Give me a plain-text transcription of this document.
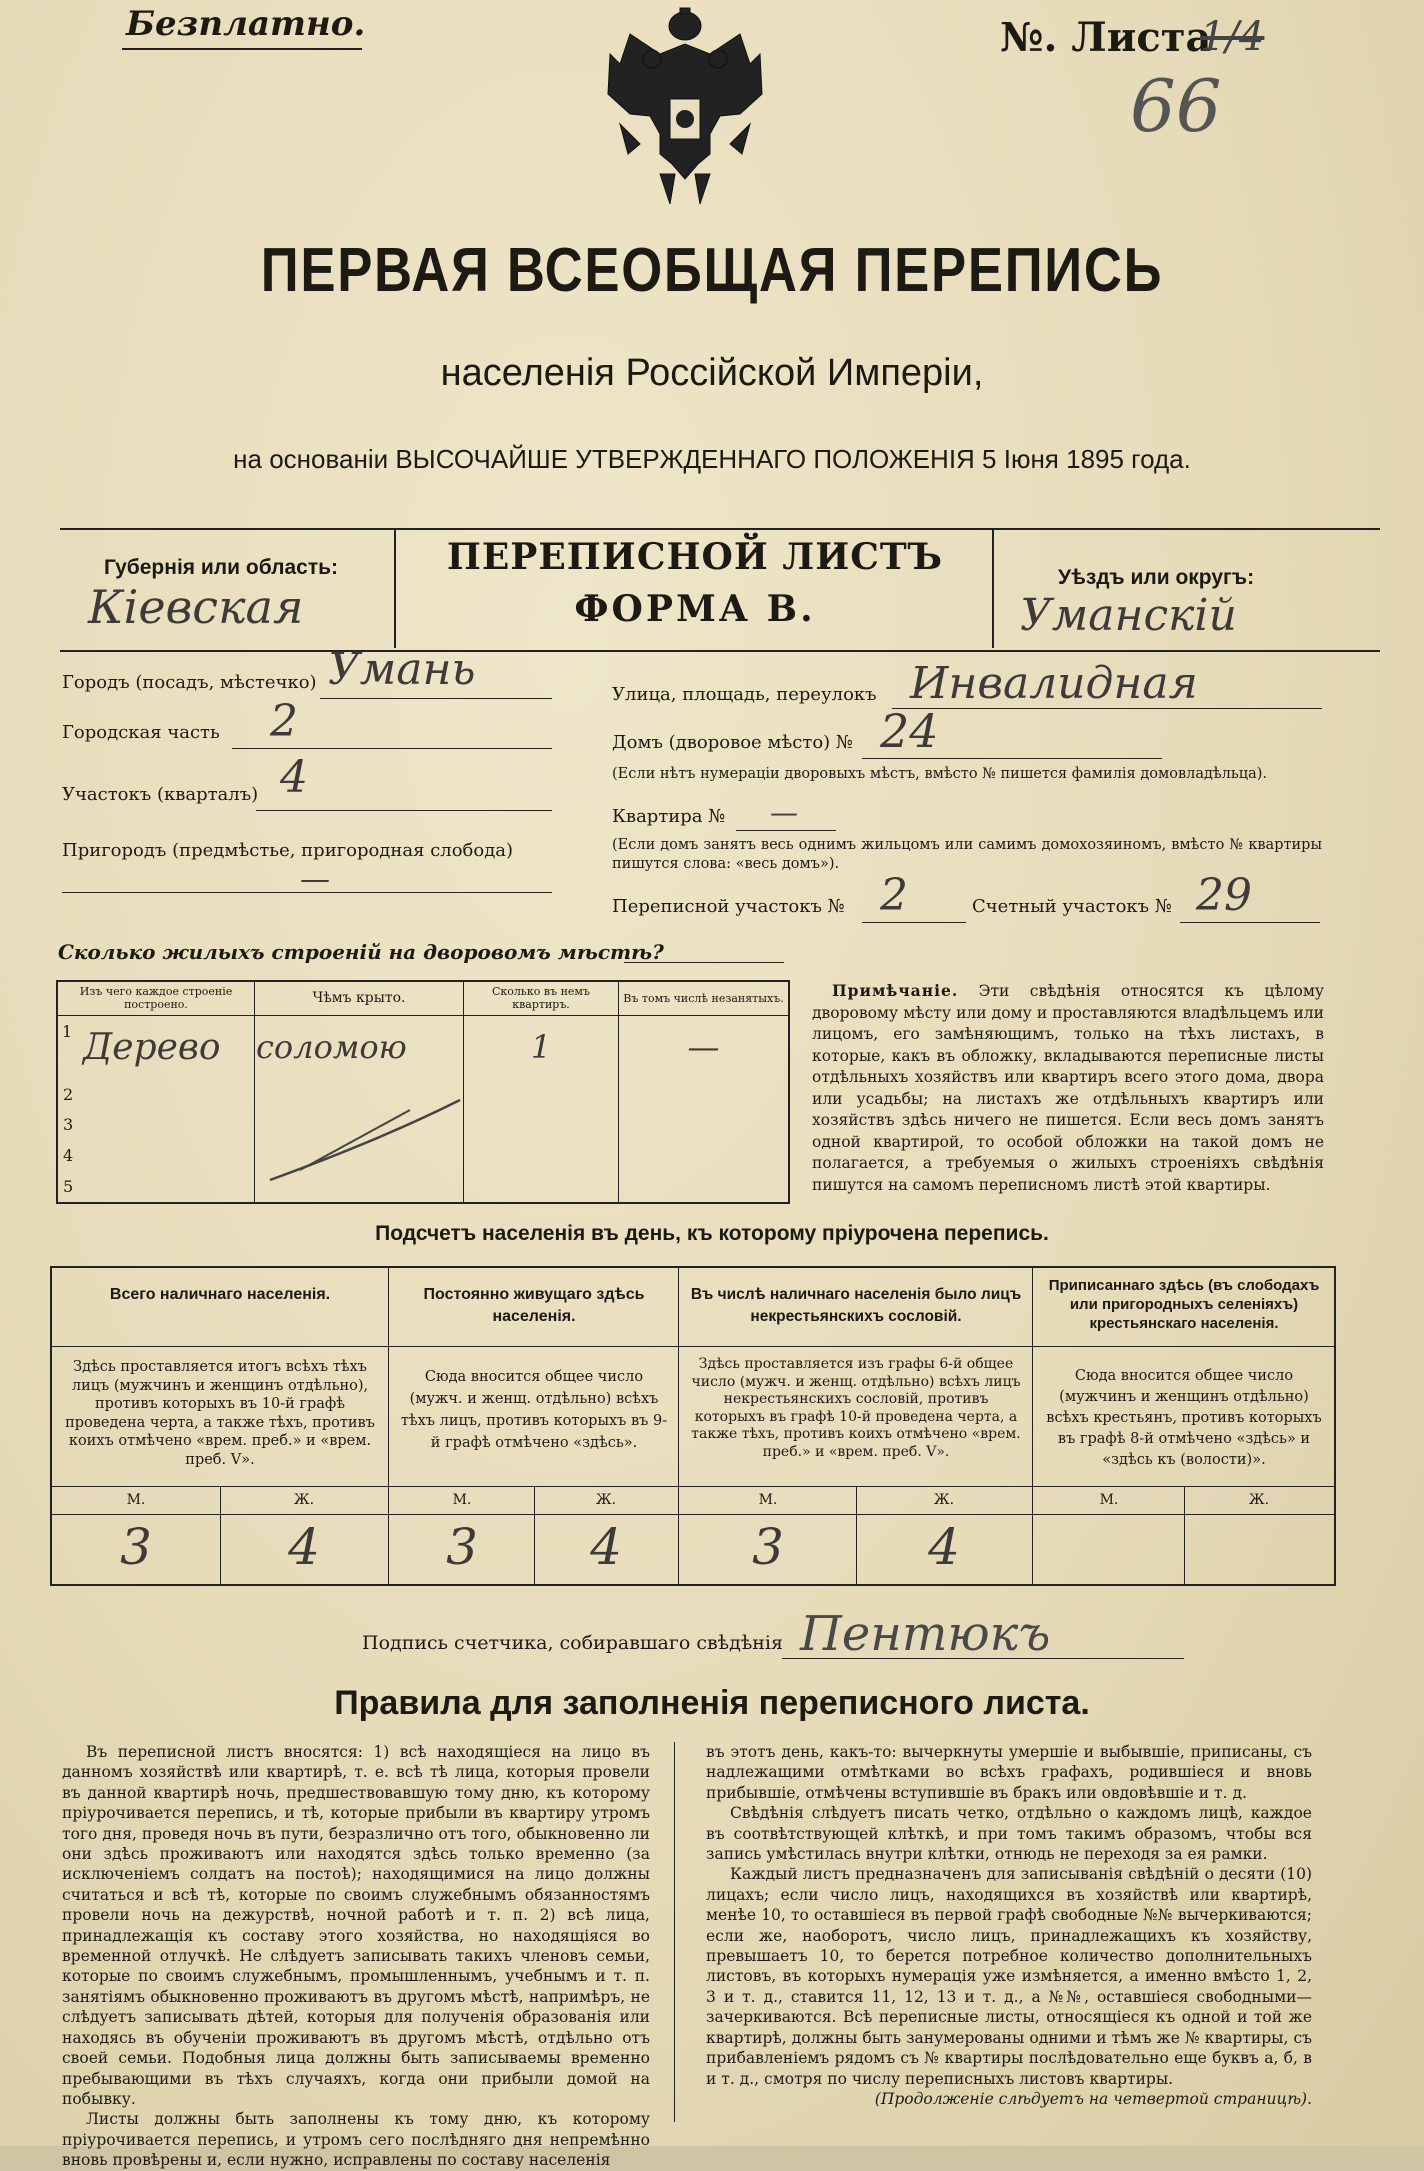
Безплатно.	№. Листа
1/4
66
ПЕРВАЯ ВСЕОБЩАЯ ПЕРЕПИСЬ
населенія Россійской Имперіи,
на основаніи ВЫСОЧАЙШЕ УТВЕРЖДЕННАГО ПОЛОЖЕНІЯ 5 Іюня 1895 года.
Губернія или область:
Кіевская
ПЕРЕПИСНОЙ ЛИСТЪ
ФОРМА В.
Уѣздъ или округъ:
Уманскій
Городъ (посадъ, мѣстечко) Умань
Городская часть 2
Участокъ (кварталъ) 4
Пригородъ (предмѣстье, пригородная слобода)
—
Улица, площадь, переулокъ Инвалидная
Домъ (дворовое мѣсто) № 24
(Если нѣтъ нумераціи дворовыхъ мѣстъ, вмѣсто № пишется фамилія домовладѣльца).
Квартира № —
(Если домъ занятъ весь однимъ жильцомъ или самимъ домохозяиномъ, вмѣсто № квартиры пишутся слова: «весь домъ»).
Переписной участокъ № 2	Счетный участокъ № 29
Сколько жилыхъ строеній на дворовомъ мѣстѣ?
Изъ чего каждое строеніе построено.	Чѣмъ крыто.	Сколько въ немъ квартиръ.	Въ томъ числѣ незанятыхъ.

1 Дерево	соломою	1	—
2			
3			
4			
5			
Примѣчаніе. Эти свѣдѣнія относятся къ цѣлому дворовому мѣсту или дому и проставляются владѣльцемъ или лицомъ, его замѣняющимъ, только на тѣхъ листахъ, в которые, какъ въ обложку, вкладываются переписные листы отдѣльныхъ хозяйствъ или квартиръ всего этого дома, двора или усадьбы; на листахъ же отдѣльныхъ квартиръ или хозяйствъ здѣсь ничего не пишется. Если весь домъ занятъ одной квартирой, то особой обложки на такой домъ не полагается, а требуемыя о жилыхъ строеніяхъ свѣдѣнія пишутся на самомъ переписномъ листѣ этой квартиры.
Подсчетъ населенія въ день, къ которому пріурочена перепись.
Всего наличнаго населенія.
Здѣсь проставляется итогъ всѣхъ тѣхъ лицъ (мужчинъ и женщинъ отдѣльно), противъ которыхъ въ 10-й графѣ проведена черта, а также тѣхъ, противъ коихъ отмѣчено «врем. преб.» и «врем. преб. V».
Постоянно живущаго здѣсь населенія.
Сюда вносится общее число (мужч. и женщ. отдѣльно) всѣхъ тѣхъ лицъ, противъ которыхъ въ 9-й графѣ отмѣчено «здѣсь».
Въ числѣ наличнаго населенія было лицъ некрестьянскихъ сословій.
Здѣсь проставляется изъ графы 6-й общее число (мужч. и женщ. отдѣльно) всѣхъ лицъ некрестьянскихъ сословій, противъ которыхъ въ графѣ 10-й проведена черта, а также тѣхъ, противъ коихъ отмѣчено «врем. преб.» и «врем. преб. V».
Приписаннаго здѣсь (въ слободахъ или пригородныхъ селеніяхъ) крестьянскаго населенія.
Сюда вносится общее число (мужчинъ и женщинъ отдѣльно) всѣхъ крестьянъ, противъ которыхъ въ графѣ 8-й отмѣчено «здѣсь» и «здѣсь къ (волости)».
М.	Ж.	М.	Ж.	М.	Ж.	М.	Ж.
3	4	3	4	3	4
Подпись счетчика, собиравшаго свѣдѣнія Пентюкъ
Правила для заполненія переписного листа.

Въ переписной листъ вносятся: 1) всѣ находящіеся на лицо въ данномъ хозяйствѣ или квартирѣ, т. е. всѣ тѣ лица, которыя провели въ данной квартирѣ ночь, предшествовавшую тому дню, къ которому пріурочивается перепись, и тѣ, которые прибыли въ квартиру утромъ того дня, проведя ночь въ пути, безразлично отъ того, обыкновенно ли они здѣсь проживаютъ или находятся здѣсь только временно (за исключеніемъ солдатъ на постоѣ); находящимися на лицо должны считаться и всѣ тѣ, которые по своимъ служебнымъ обязанностямъ провели ночь на дежурствѣ, ночной работѣ и т. п. 2) всѣ лица, принадлежащія къ составу этого хозяйства, но находящіяся во временной отлучкѣ. Не слѣдуетъ записывать такихъ членовъ семьи, которые по своимъ служебнымъ, промышленнымъ, учебнымъ и т. п. занятіямъ обыкновенно проживаютъ въ другомъ мѣстѣ, напримѣръ, не слѣдуетъ записывать дѣтей, которыя для полученія образованія или находясь въ обученіи проживаютъ въ другомъ мѣстѣ, отдѣльно отъ своей семьи. Подобныя лица должны быть записываемы временно пребывающими въ тѣхъ случаяхъ, когда они прибыли домой на побывку.

Листы должны быть заполнены къ тому дню, къ которому пріурочивается перепись, и утромъ сего послѣдняго дня непремѣнно вновь провѣрены и, если нужно, исправлены по составу населенія

въ этотъ день, какъ-то: вычеркнуты умершіе и выбывшіе, приписаны, съ надлежащими отмѣтками во всѣхъ графахъ, родившіеся и вновь прибывшіе, отмѣчены вступившіе въ бракъ или овдовѣвшіе и т. д.

Свѣдѣнія слѣдуетъ писать четко, отдѣльно о каждомъ лицѣ, каждое въ соотвѣтствующей клѣткѣ, и при томъ такимъ образомъ, чтобы вся запись умѣстилась внутри клѣтки, отнюдь не переходя за ея рамки.

Каждый листъ предназначенъ для записыванія свѣдѣній о десяти (10) лицахъ; если число лицъ, находящихся въ хозяйствѣ или квартирѣ, менѣе 10, то оставшіеся въ первой графѣ свободные №№ вычеркиваются; если же, наоборотъ, число лицъ, принадлежащихъ къ хозяйству, превышаетъ 10, то берется потребное количество дополнительныхъ листовъ, въ которыхъ нумерація уже измѣняется, а именно вмѣсто 1, 2, 3 и т. д., ставится 11, 12, 13 и т. д., а №№, оставшіеся свободными—зачеркиваются. Всѣ переписные листы, относящіеся къ одной и той же квартирѣ, должны быть занумерованы одними и тѣмъ же № квартиры, съ прибавленіемъ рядомъ съ № квартиры послѣдовательно еще буквъ а, б, в и т. д., смотря по числу переписныхъ листовъ квартиры.

(Продолженіе слѣдуетъ на четвертой страницѣ).
